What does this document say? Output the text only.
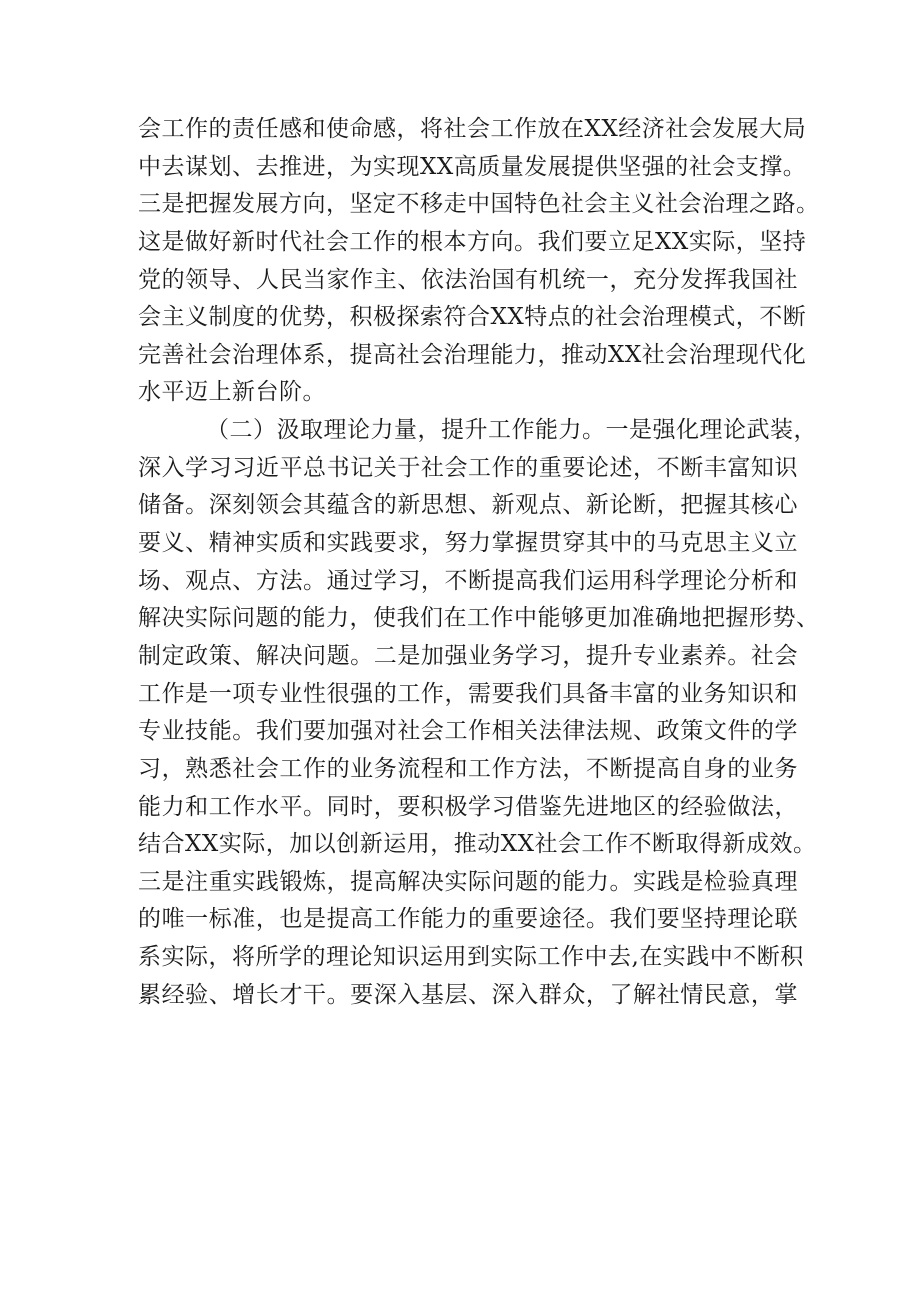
会工作的责任感和使命感，将社会工作放在XX经济社会发展大局
中去谋划、去推进，为实现XX高质量发展提供坚强的社会支撑。
三是把握发展方向，坚定不移走中国特色社会主义社会治理之路。
这是做好新时代社会工作的根本方向。我们要立足XX实际，坚持
党的领导、人民当家作主、依法治国有机统一，充分发挥我国社
会主义制度的优势，积极探索符合XX特点的社会治理模式，不断
完善社会治理体系，提高社会治理能力，推动XX社会治理现代化
水平迈上新台阶。
（二）汲取理论力量，提升工作能力。一是强化理论武装，
深入学习习近平总书记关于社会工作的重要论述，不断丰富知识
储备。深刻领会其蕴含的新思想、新观点、新论断，把握其核心
要义、精神实质和实践要求，努力掌握贯穿其中的马克思主义立
场、观点、方法。通过学习，不断提高我们运用科学理论分析和
解决实际问题的能力，使我们在工作中能够更加准确地把握形势、
制定政策、解决问题。二是加强业务学习，提升专业素养。社会
工作是一项专业性很强的工作，需要我们具备丰富的业务知识和
专业技能。我们要加强对社会工作相关法律法规、政策文件的学
习，熟悉社会工作的业务流程和工作方法，不断提高自身的业务
能力和工作水平。同时，要积极学习借鉴先进地区的经验做法，
结合XX实际，加以创新运用，推动XX社会工作不断取得新成效。
三是注重实践锻炼，提高解决实际问题的能力。实践是检验真理
的唯一标准，也是提高工作能力的重要途径。我们要坚持理论联
系实际，将所学的理论知识运用到实际工作中去,在实践中不断积
累经验、增长才干。要深入基层、深入群众，了解社情民意，掌
